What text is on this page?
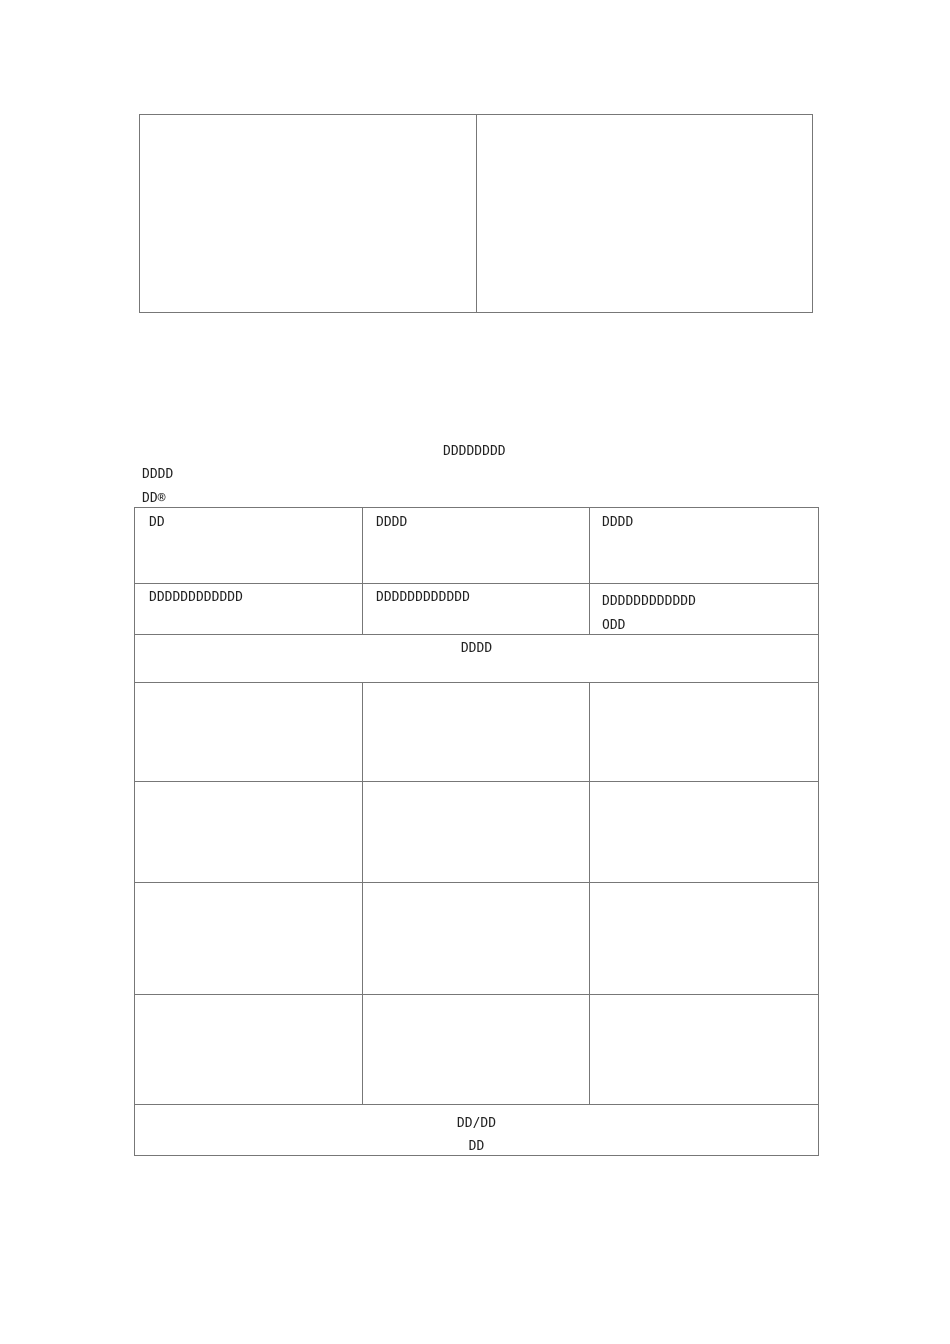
DDDDDDDD
DDDD
DD®
DD	DDDD	DDDD
DDDDDDDDDDDD	DDDDDDDDDDDD	DDDDDDDDDDDD
ODD
DDDD
DD/DD
DD
